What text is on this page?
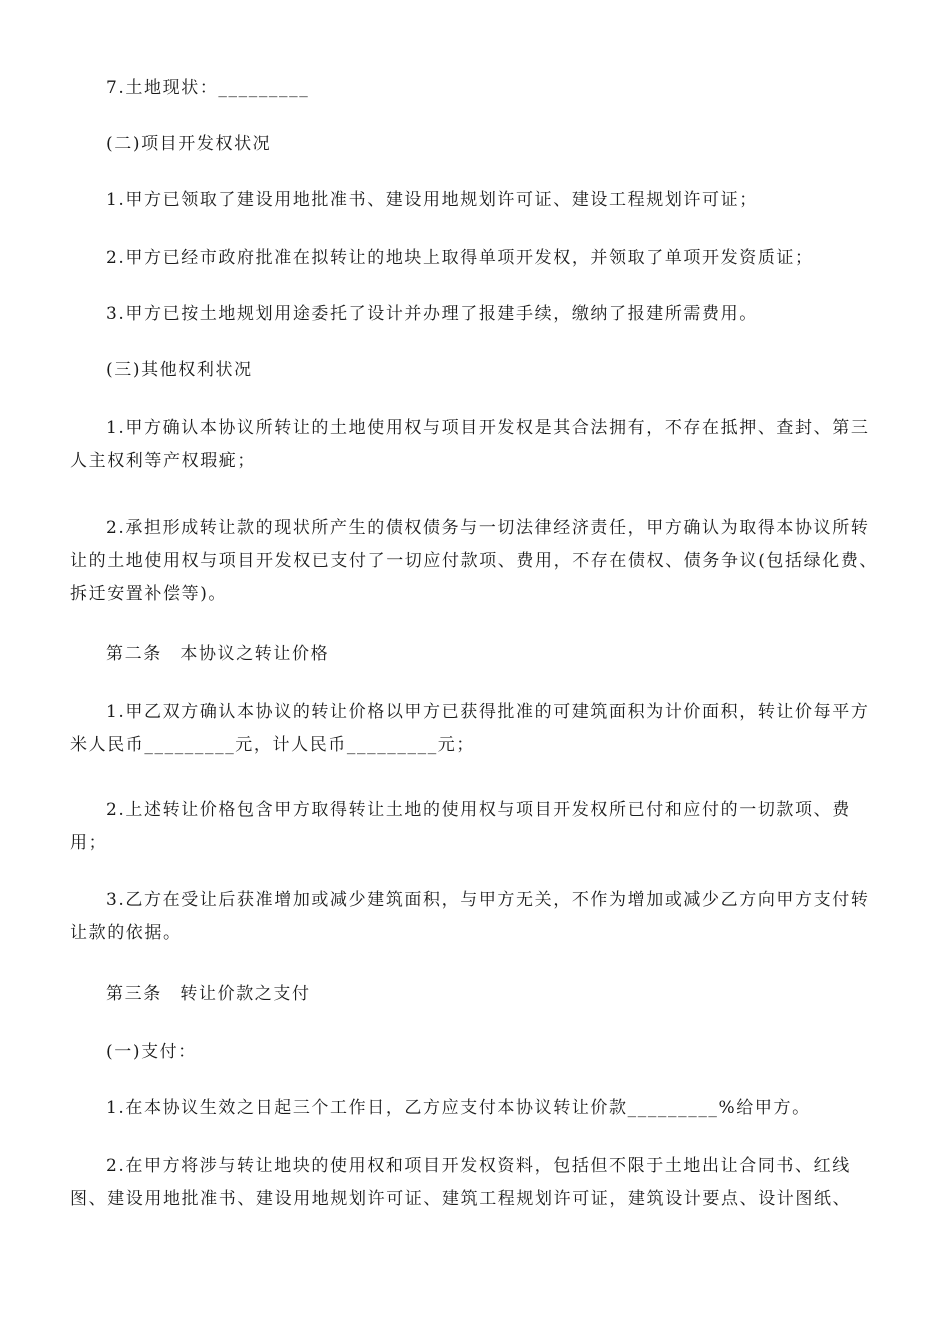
7.土地现状：_________

(二)项目开发权状况

1.甲方已领取了建设用地批准书、建设用地规划许可证、建设工程规划许可证；

2.甲方已经市政府批准在拟转让的地块上取得单项开发权，并领取了单项开发资质证；

3.甲方已按土地规划用途委托了设计并办理了报建手续，缴纳了报建所需费用。

(三)其他权利状况

1.甲方确认本协议所转让的土地使用权与项目开发权是其合法拥有，不存在抵押、查封、第三人主权利等产权瑕疵；

2.承担形成转让款的现状所产生的债权债务与一切法律经济责任，甲方确认为取得本协议所转让的土地使用权与项目开发权已支付了一切应付款项、费用，不存在债权、债务争议(包括绿化费、拆迁安置补偿等)。

第二条　本协议之转让价格

1.甲乙双方确认本协议的转让价格以甲方已获得批准的可建筑面积为计价面积，转让价每平方米人民币_________元，计人民币_________元；

2.上述转让价格包含甲方取得转让土地的使用权与项目开发权所已付和应付的一切款项、费用；

3.乙方在受让后获准增加或减少建筑面积，与甲方无关，不作为增加或减少乙方向甲方支付转让款的依据。

第三条　转让价款之支付

(一)支付：

1.在本协议生效之日起三个工作日，乙方应支付本协议转让价款_________%给甲方。

2.在甲方将涉与转让地块的使用权和项目开发权资料，包括但不限于土地出让合同书、红线图、建设用地批准书、建设用地规划许可证、建筑工程规划许可证，建筑设计要点、设计图纸、
